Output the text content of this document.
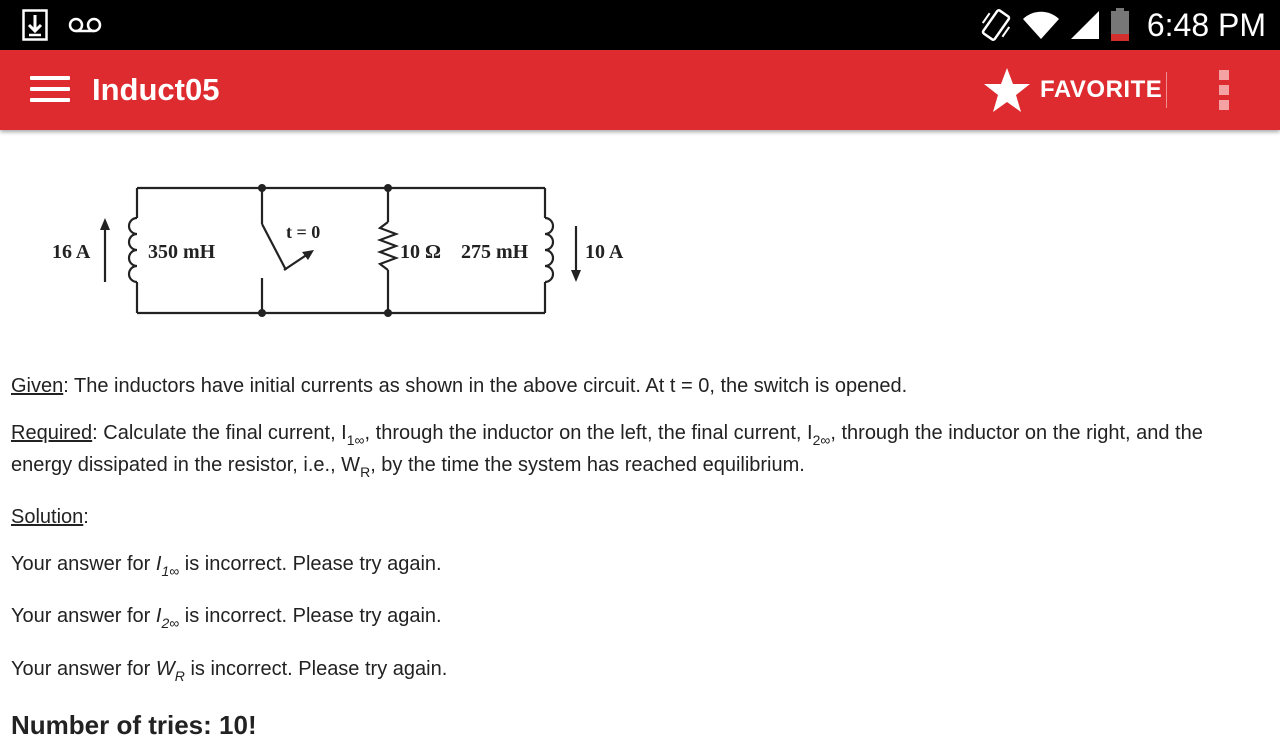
6:48 PM
Induct05	FAVORITE
16 A	350 mH
t = 0
10 Ω 275 mH	10 A
Given: The inductors have initial currents as shown in the above circuit. At t = 0, the switch is opened.
Required: Calculate the final current, $I_{1\infty}$, through the inductor on the left, the final current, $I_{2\infty}$, through the inductor on the right, and the energy dissipated in the resistor, i.e., $W_R$, by the time the system has reached equilibrium.
Solution:
Your answer for $I_{1\infty}$ is incorrect. Please try again.
Your answer for $I_{2\infty}$ is incorrect. Please try again.
Your answer for $W_R$ is incorrect. Please try again.
Number of tries: 10!
